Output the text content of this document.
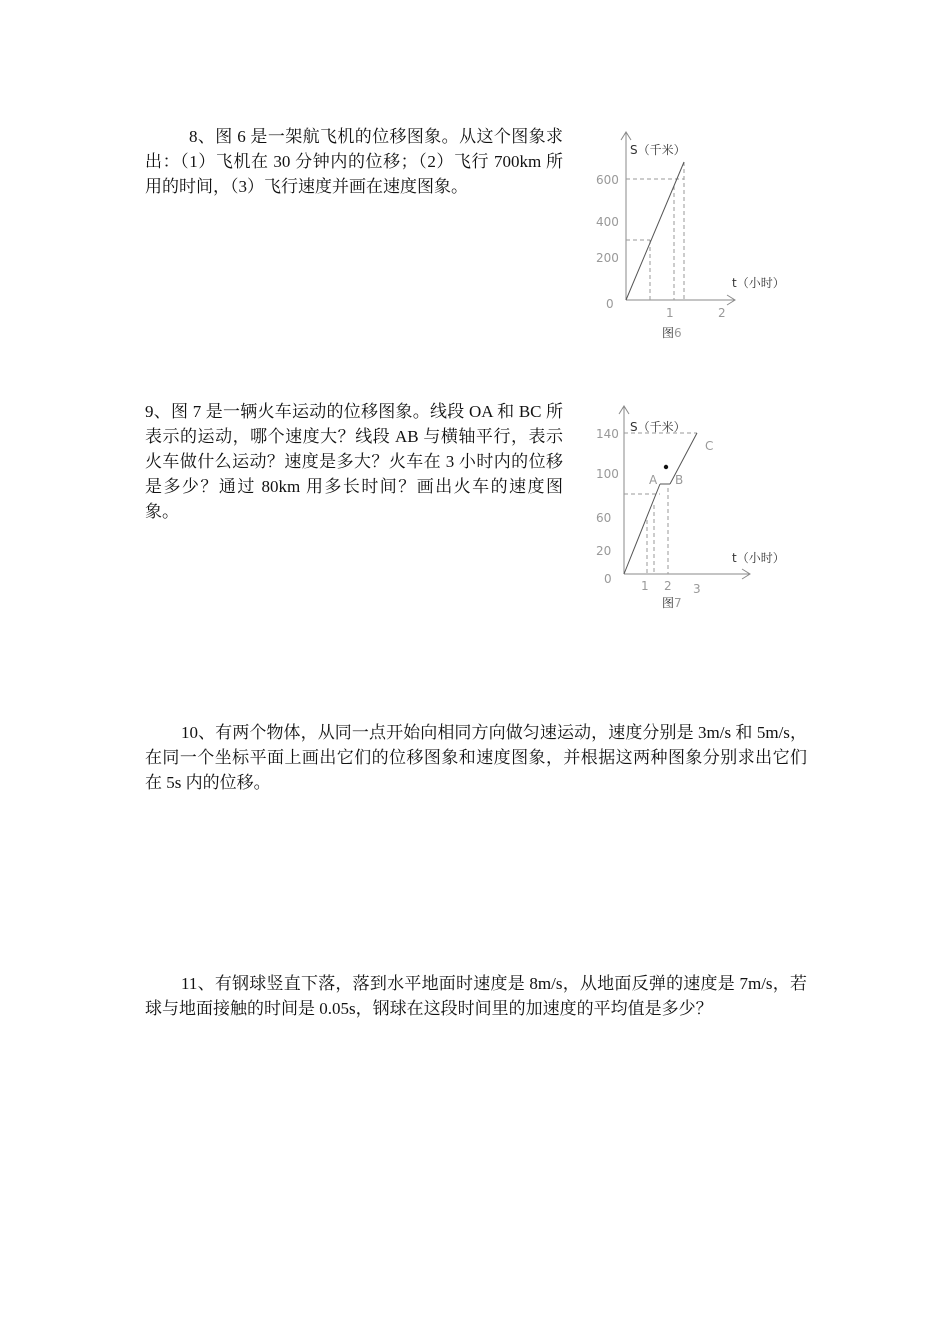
8、图 6 是一架航飞机的位移图象。从这个图象求出：（1）飞机在 30 分钟内的位移；（2）飞行 700km 所用的时间，（3）飞行速度并画在速度图象。

9、图 7 是一辆火车运动的位移图象。线段 OA 和 BC 所表示的运动，哪个速度大？线段 AB 与横轴平行，表示火车做什么运动？速度是多大？火车在 3 小时内的位移是多少？通过 80km 用多长时间？画出火车的速度图象。

10、有两个物体，从同一点开始向相同方向做匀速运动，速度分别是 3m/s 和 5m/s，在同一个坐标平面上画出它们的位移图象和速度图象，并根据这两种图象分别求出它们在 5s 内的位移。

11、有钢球竖直下落，落到水平地面时速度是 8m/s，从地面反弹的速度是 7m/s，若球与地面接触的时间是 0.05s，钢球在这段时间里的加速度的平均值是多少？

S（千米）
600
400
200
0
t（小时）
1	2
图6
S（千米）
140
100
60
20
0
t（小时）
1 2 3
A B
C
图7
